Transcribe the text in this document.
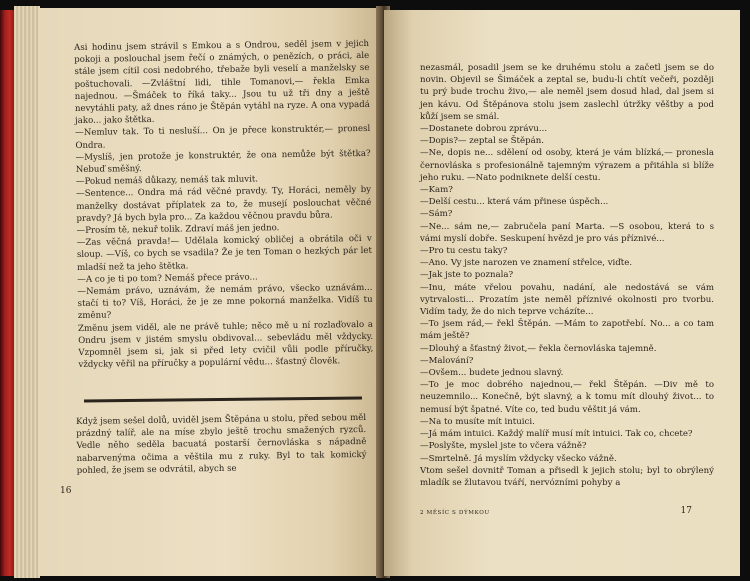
Asi hodinu jsem strávil s Emkou a s Ondrou, seděl jsem v jejich pokoji a poslouchal jsem řečí o známých, o penězích, o práci, ale stále jsem cítil cosi nedobrého, třebaže byli veselí a manželsky se poštuchovali. —Zvláštní lidi, tihle Tomanovi,— řekla Emka najednou. —Šmáček to říká taky... Jsou tu už tři dny a ještě nevytáhli paty, až dnes ráno je Štěpán vytáhl na ryze. A ona vypadá jako... jako štětka.
—Nemluv tak. To ti nesluší... On je přece konstruktér,— pronesl Ondra.
—Myslíš, jen protože je konstruktér, že ona nemůže být štětka? Nebuď směšný.
—Pokud nemáš důkazy, nemáš tak mluvit.
—Sentence... Ondra má rád věčné pravdy. Ty, Horáci, neměly by manželky dostávat příplatek za to, že musejí poslouchat věčné pravdy? Já bych byla pro... Za každou věčnou pravdu bůra.
—Prosím tě, nekuř tolik. Zdraví máš jen jedno.
—Zas věčná pravda!— Udělala komický obličej a obrátila oči v sloup. —Víš, co bych se vsadila? Že je ten Toman o hezkých pár let mladší než ta jeho štětka.
—A co je ti po tom? Nemáš přece právo...
—Nemám právo, uznávám, že nemám právo, všecko uznávám... stačí ti to? Víš, Horáci, že je ze mne pokorná manželka. Vidíš tu změnu?
Změnu jsem viděl, ale ne právě tuhle; něco mě u ní rozlaďovalo a Ondru jsem v jistém smyslu obdivoval... sebevládu měl vždycky. Vzpomněl jsem si, jak si před lety cvičil vůli podle příručky, vždycky věřil na příručky a populární vědu... šťastný člověk.

Když jsem sešel dolů, uviděl jsem Štěpána u stolu, před sebou měl prázdný talíř, ale na míse zbylo ještě trochu smažených ryzců. Vedle něho seděla bacuatá postarší černovláska s nápadně nabarvenýma očima a věštila mu z ruky. Byl to tak komický pohled, že jsem se odvrátil, abych se

16

nezasmál, posadil jsem se ke druhému stolu a začetl jsem se do novin. Objevil se Šimáček a zeptal se, budu-li chtít večeři, později tu prý bude trochu živo,— ale neměl jsem dosud hlad, dal jsem si jen kávu. Od Štěpánova stolu jsem zaslechl útržky věštby a pod kůží jsem se smál.
—Dostanete dobrou zprávu...
—Dopis?— zeptal se Štěpán.
—Ne, dopis ne... sdělení od osoby, která je vám blízká,— pronesla černovláska s profesionálně tajemným výrazem a přitáhla si blíže jeho ruku. —Nato podniknete delší cestu.
—Kam?
—Delší cestu... která vám přinese úspěch...
—Sám?
—Ne... sám ne,— zabručela paní Marta. —S osobou, která to s vámi myslí dobře. Seskupení hvězd je pro vás příznivé...
—Pro tu cestu taky?
—Ano. Vy jste narozen ve znamení střelce, viďte.
—Jak jste to poznala?
—Inu, máte vřelou povahu, nadání, ale nedostává se vám vytrvalosti... Prozatím jste neměl příznivé okolnosti pro tvorbu. Vidím tady, že do nich teprve vcházíte...
—To jsem rád,— řekl Štěpán. —Mám to zapotřebí. No... a co tam mám ještě?
—Dlouhý a šťastný život,— řekla černovláska tajemně.
—Malování?
—Ovšem... budete jednou slavný.
—To je moc dobrého najednou,— řekl Štěpán. —Div mě to neuzemnilo... Konečně, být slavný, a k tomu mít dlouhý život... to nemusí být špatné. Víte co, ted budu věštit já vám.
—Na to musíte mít intuici.
—Já mám intuici. Každý malíř musí mít intuici. Tak co, chcete?
—Poslyšte, myslel jste to včera vážně?
—Smrtelně. Já myslím vždycky všecko vážně.
Vtom sešel dovnitř Toman a přisedl k jejich stolu; byl to obrýlený mladík se žlutavou tváří, nervózními pohyby a

2 MĚSÍC S DÝMKOU	17
